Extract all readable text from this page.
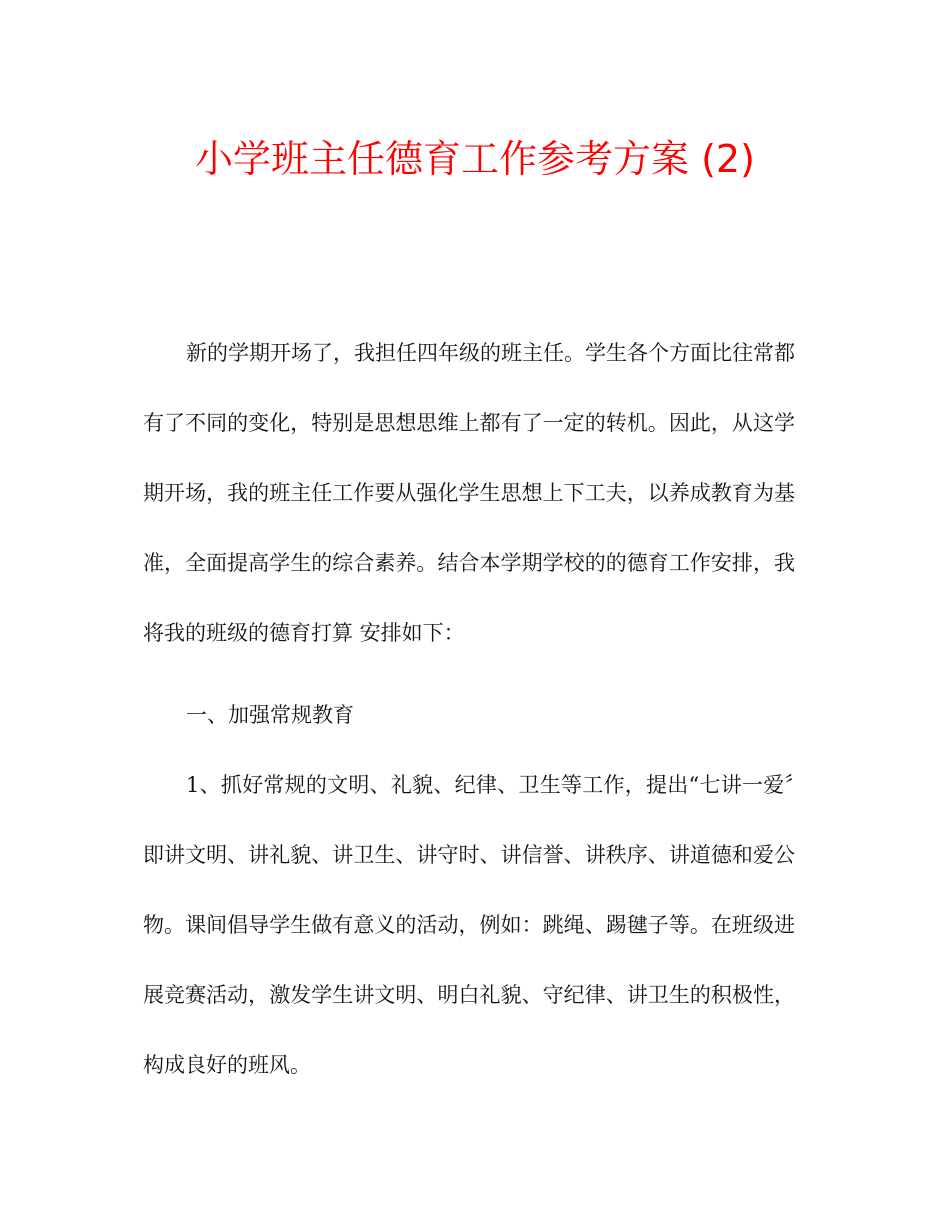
小学班主任德育工作参考方案 (2)

新的学期开场了，我担任四年级的班主任。学生各个方面比往常都有了不同的变化，特别是思想思维上都有了一定的转机。因此，从这学期开场，我的班主任工作要从强化学生思想上下工夫，以养成教育为基准，全面提高学生的综合素养。结合本学期学校的的德育工作安排，我将我的班级的德育打算 安排如下：

一、加强常规教育

1、抓好常规的文明、礼貌、纪律、卫生等工作，提出“七讲一爱〞即讲文明、讲礼貌、讲卫生、讲守时、讲信誉、讲秩序、讲道德和爱公物。课间倡导学生做有意义的活动，例如：跳绳、踢毽子等。在班级进展竞赛活动，激发学生讲文明、明白礼貌、守纪律、讲卫生的积极性，构成良好的班风。
